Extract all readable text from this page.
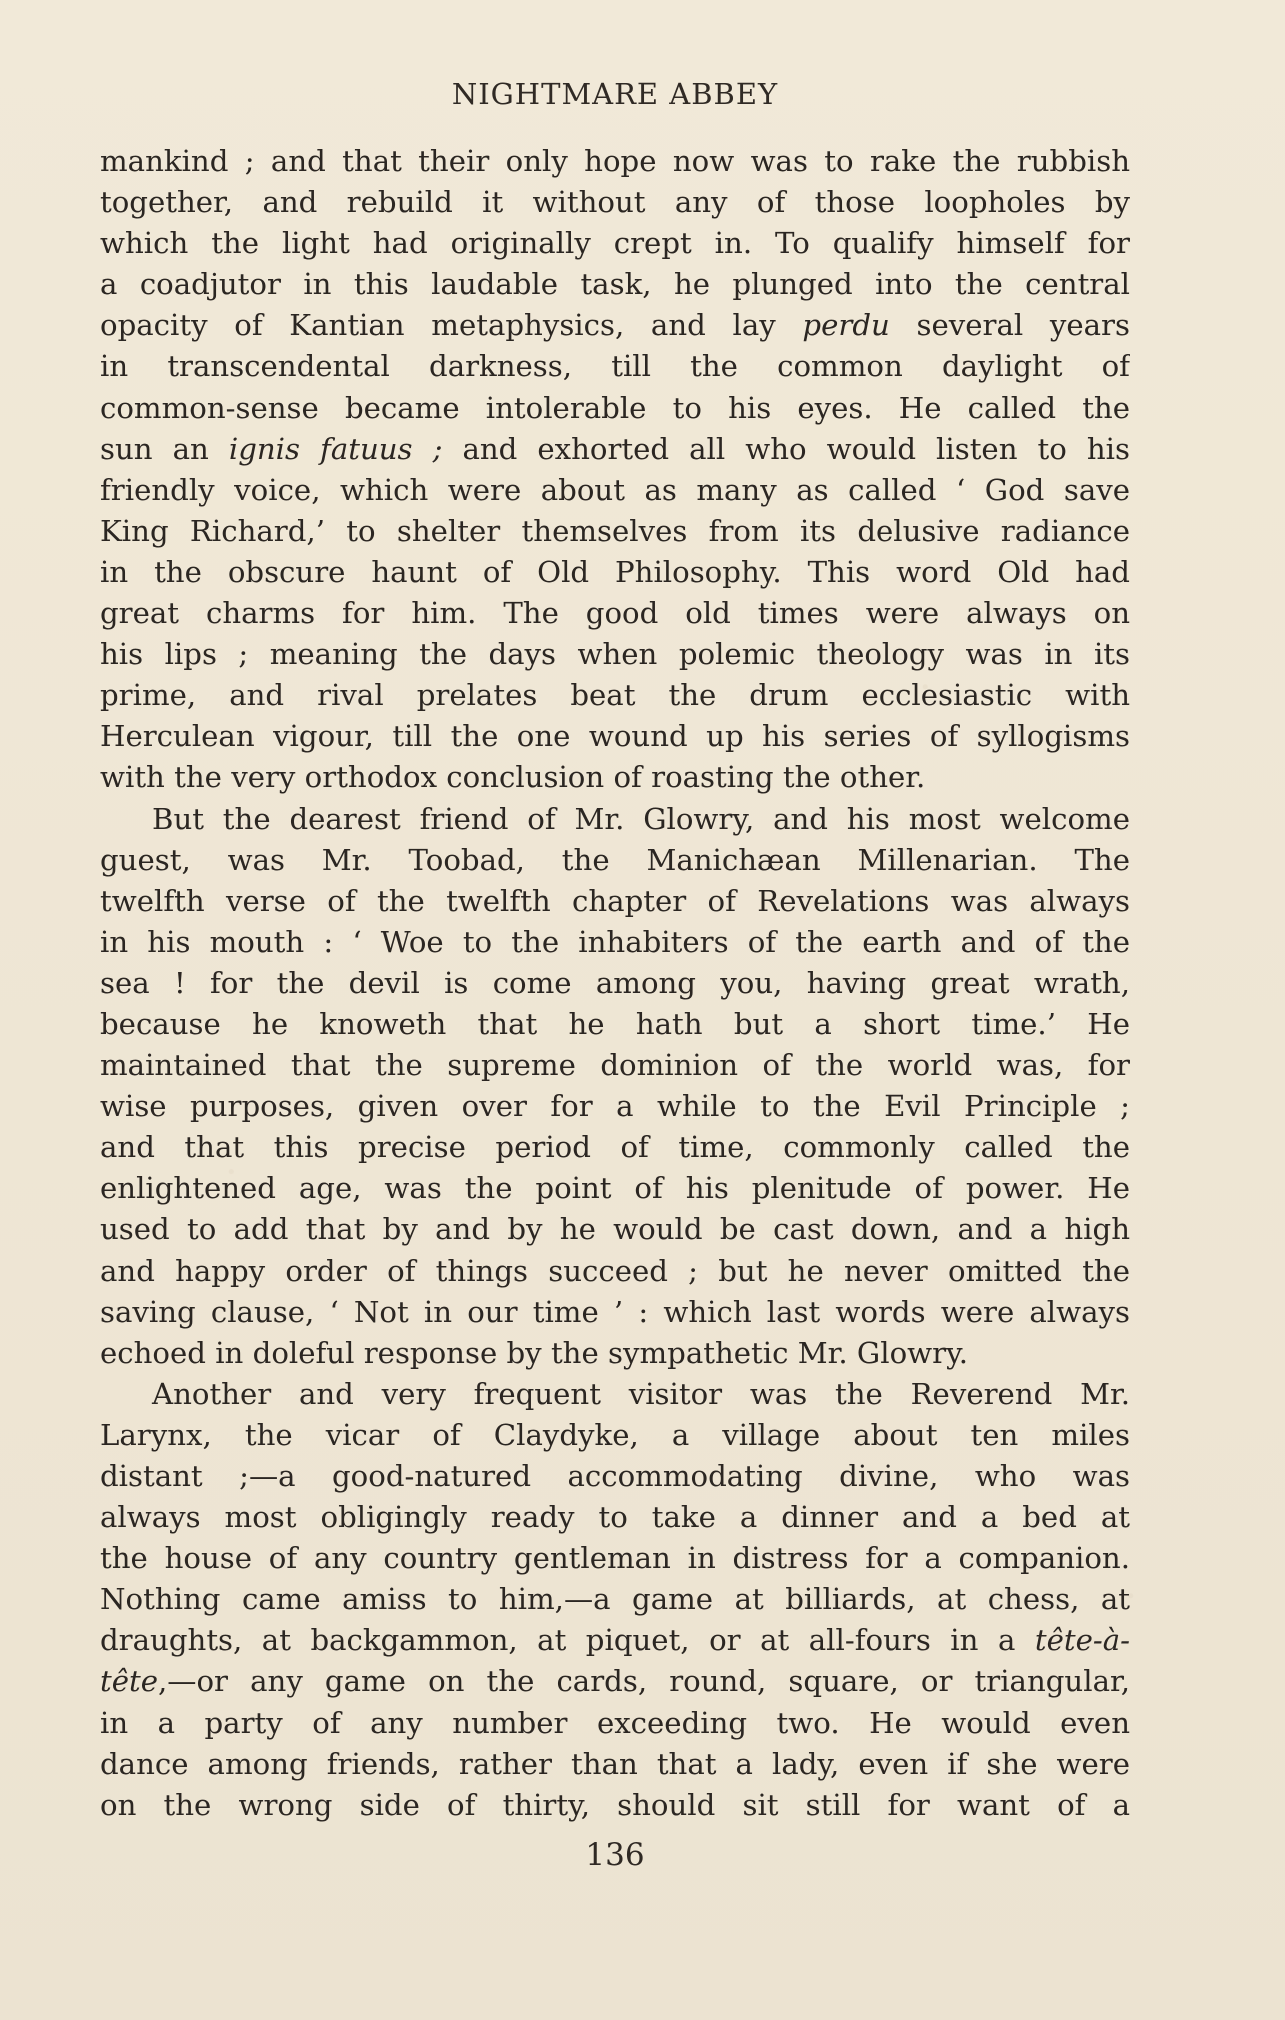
NIGHTMARE ABBEY
mankind ; and that their only hope now was to rake the rubbish
together, and rebuild it without any of those loopholes by
which the light had originally crept in. To qualify himself for
a coadjutor in this laudable task, he plunged into the central
opacity of Kantian metaphysics, and lay perdu several years
in transcendental darkness, till the common daylight of
common-sense became intolerable to his eyes. He called the
sun an ignis fatuus ; and exhorted all who would listen to his
friendly voice, which were about as many as called ‘ God save
King Richard,’ to shelter themselves from its delusive radiance
in the obscure haunt of Old Philosophy. This word Old had
great charms for him. The good old times were always on
his lips ; meaning the days when polemic theology was in its
prime, and rival prelates beat the drum ecclesiastic with
Herculean vigour, till the one wound up his series of syllogisms
with the very orthodox conclusion of roasting the other.
But the dearest friend of Mr. Glowry, and his most welcome
guest, was Mr. Toobad, the Manichæan Millenarian. The
twelfth verse of the twelfth chapter of Revelations was always
in his mouth : ‘ Woe to the inhabiters of the earth and of the
sea ! for the devil is come among you, having great wrath,
because he knoweth that he hath but a short time.’ He
maintained that the supreme dominion of the world was, for
wise purposes, given over for a while to the Evil Principle ;
and that this precise period of time, commonly called the
enlightened age, was the point of his plenitude of power. He
used to add that by and by he would be cast down, and a high
and happy order of things succeed ; but he never omitted the
saving clause, ‘ Not in our time ’ : which last words were always
echoed in doleful response by the sympathetic Mr. Glowry.
Another and very frequent visitor was the Reverend Mr.
Larynx, the vicar of Claydyke, a village about ten miles
distant ;—a good-natured accommodating divine, who was
always most obligingly ready to take a dinner and a bed at
the house of any country gentleman in distress for a companion.
Nothing came amiss to him,—a game at billiards, at chess, at
draughts, at backgammon, at piquet, or at all-fours in a tête-à-
tête,—or any game on the cards, round, square, or triangular,
in a party of any number exceeding two. He would even
dance among friends, rather than that a lady, even if she were
on the wrong side of thirty, should sit still for want of a
136
